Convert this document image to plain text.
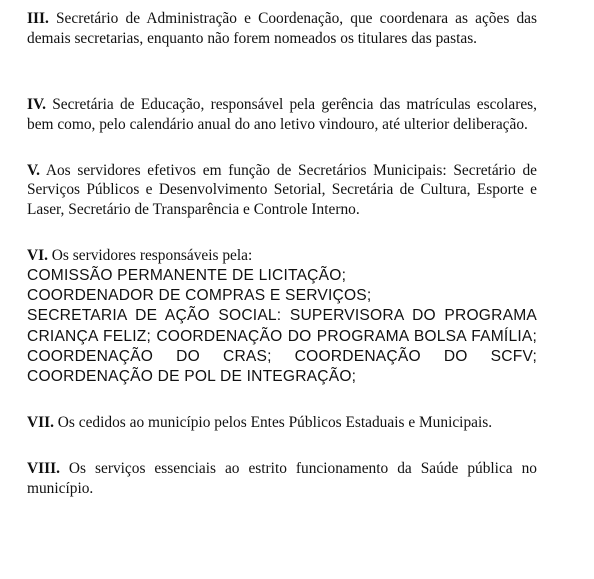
III. Secretário de Administração e Coordenação, que coordenara as ações das demais secretarias, enquanto não forem nomeados os titulares das pastas.

IV. Secretária de Educação, responsável pela gerência das matrículas escolares, bem como, pelo calendário anual do ano letivo vindouro, até ulterior deliberação.

V. Aos servidores efetivos em função de Secretários Municipais: Secretário de Serviços Públicos e Desenvolvimento Setorial, Secretária de Cultura, Esporte e Laser, Secretário de Transparência e Controle Interno.

VI. Os servidores responsáveis pela:
COMISSÃO PERMANENTE DE LICITAÇÃO;
COORDENADOR DE COMPRAS E SERVIÇOS;
SECRETARIA DE AÇÃO SOCIAL: SUPERVISORA DO PROGRAMA CRIANÇA FELIZ; COORDENAÇÃO DO PROGRAMA BOLSA FAMÍLIA; COORDENAÇÃO DO CRAS; COORDENAÇÃO DO SCFV; COORDENAÇÃO DE POL DE INTEGRAÇÃO;

VII. Os cedidos ao município pelos Entes Públicos Estaduais e Municipais.

VIII. Os serviços essenciais ao estrito funcionamento da Saúde pública no município.
